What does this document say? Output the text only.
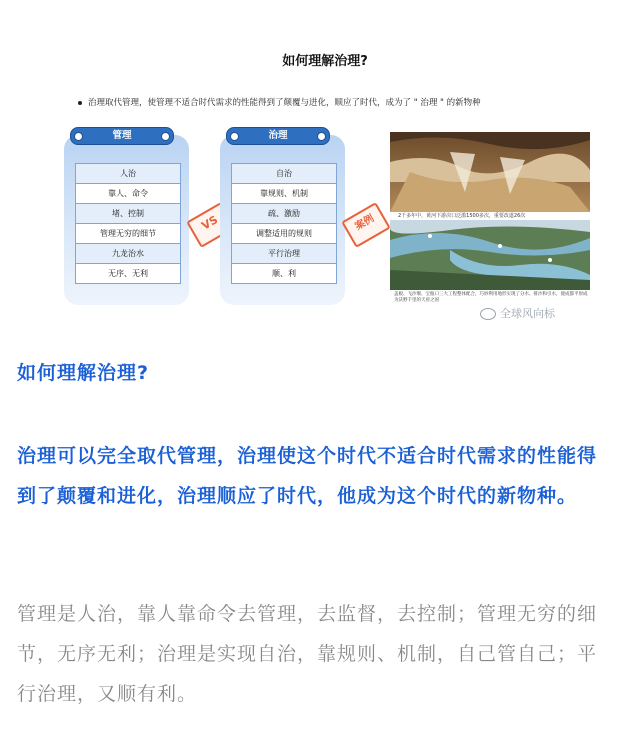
如何理解治理?
治理取代管理，使管理不适合时代需求的性能得到了颠覆与进化，顺应了时代，成为了 " 治理 " 的新物种
管理
人治
靠人、命令
堵、控制
管理无穷的细节
九龙治水
无序、无利
VS
治理
自治
靠规则、机制
疏、激励
调整适用的规则
平行治理
顺、利
案例	2千多年中，黄河下游决口泛滥1500多次，重要改道26次
盖板、飞沙堰、宝瓶口三大工程整体配合，巧妙利用地形实现了分水、排沙和引水，使成都平原成为沃野千里的天府之国
全球风向标
如何理解治理?
治理可以完全取代管理，治理使这个时代不适合时代需求的性能得到了颠覆和进化，治理顺应了时代，他成为这个时代的新物种。
管理是人治，靠人靠命令去管理，去监督，去控制；管理无穷的细节，无序无利；治理是实现自治，靠规则、机制，自己管自己；平行治理，又顺有利。
